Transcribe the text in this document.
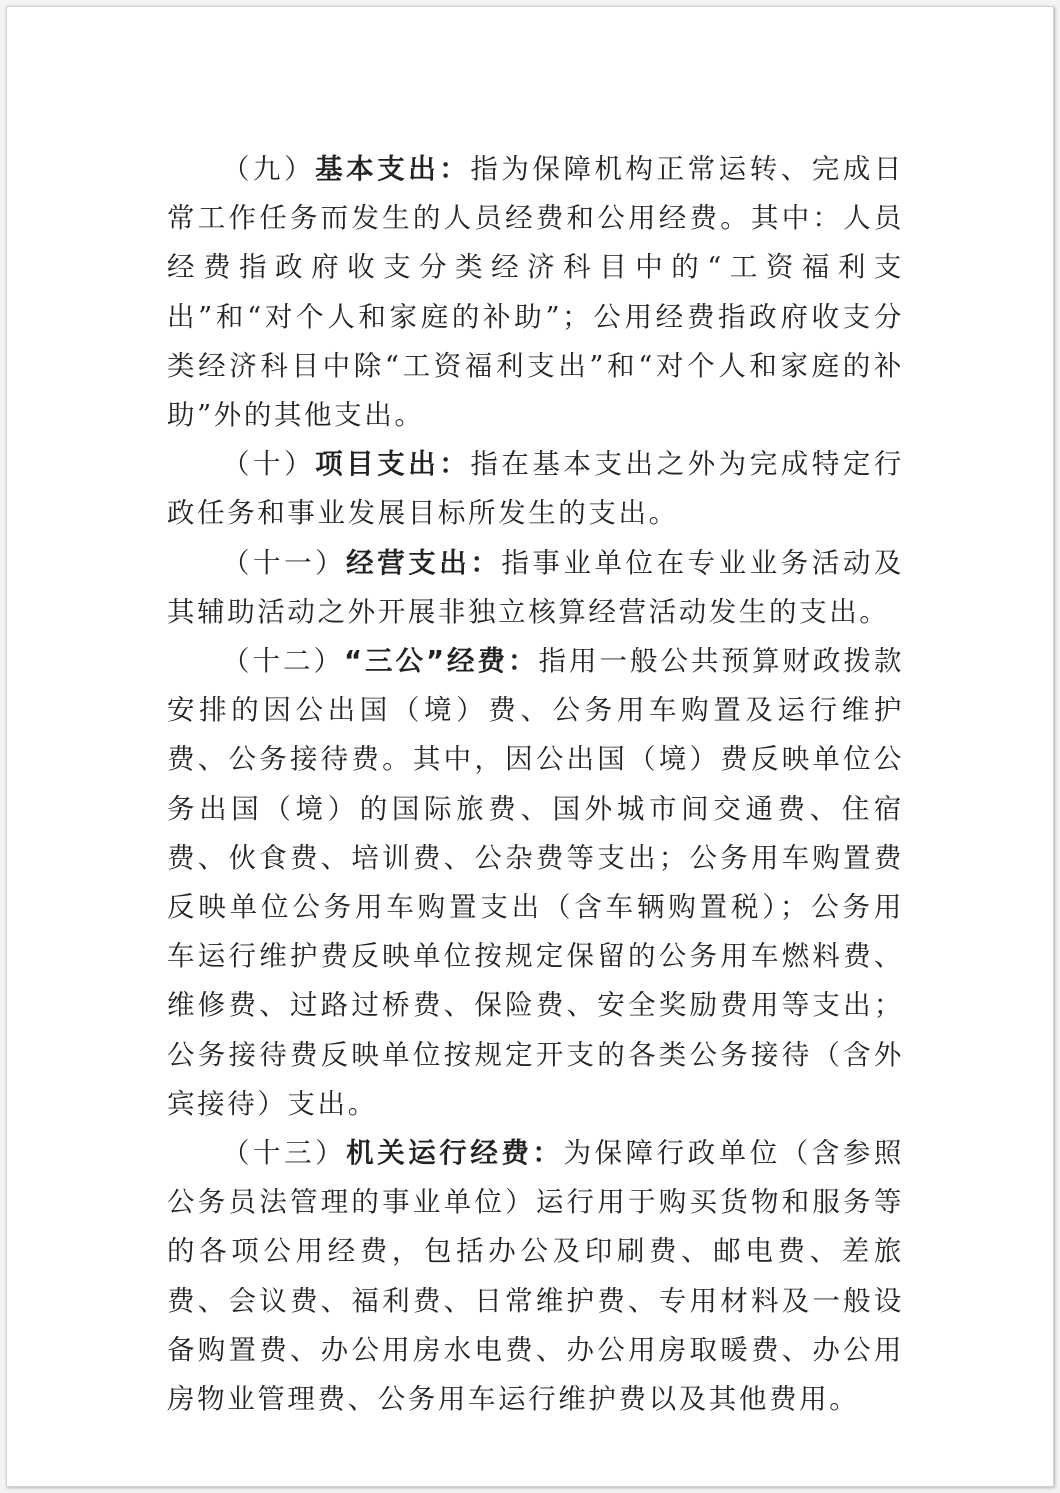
（九）基本支出：指为保障机构正常运转、完成日常工作任务而发生的人员经费和公用经费。其中：人员经费指政府收支分类经济科目中的“工资福利支出”和“对个人和家庭的补助”；公用经费指政府收支分类经济科目中除“工资福利支出”和“对个人和家庭的补助”外的其他支出。

（十）项目支出：指在基本支出之外为完成特定行政任务和事业发展目标所发生的支出。

（十一）经营支出：指事业单位在专业业务活动及其辅助活动之外开展非独立核算经营活动发生的支出。

（十二）“三公”经费：指用一般公共预算财政拨款安排的因公出国（境）费、公务用车购置及运行维护费、公务接待费。其中，因公出国（境）费反映单位公务出国（境）的国际旅费、国外城市间交通费、住宿费、伙食费、培训费、公杂费等支出；公务用车购置费反映单位公务用车购置支出（含车辆购置税）；公务用车运行维护费反映单位按规定保留的公务用车燃料费、维修费、过路过桥费、保险费、安全奖励费用等支出；公务接待费反映单位按规定开支的各类公务接待（含外宾接待）支出。

（十三）机关运行经费：为保障行政单位（含参照公务员法管理的事业单位）运行用于购买货物和服务等的各项公用经费，包括办公及印刷费、邮电费、差旅费、会议费、福利费、日常维护费、专用材料及一般设备购置费、办公用房水电费、办公用房取暖费、办公用房物业管理费、公务用车运行维护费以及其他费用。
